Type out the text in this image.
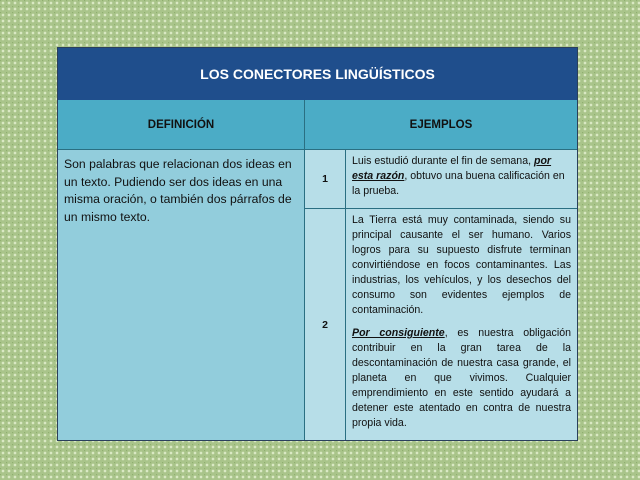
LOS CONECTORES LINGÜÍSTICOS
DEFINICIÓN	EJEMPLOS
Son palabras que relacionan dos ideas en un texto. Pudiendo ser dos ideas en una misma oración, o también dos párrafos de un mismo texto.
1

Luis estudió durante el fin de semana, por esta razón, obtuvo una buena calificación en la prueba.

2

La Tierra está muy contaminada, siendo su principal causante el ser humano. Varios logros para su supuesto disfrute terminan convirtiéndose en focos contaminantes. Las industrias, los vehículos, y los desechos del consumo son evidentes ejemplos de contaminación.

Por consiguiente, es nuestra obligación contribuir en la gran tarea de la descontaminación de nuestra casa grande, el planeta en que vivimos. Cualquier emprendimiento en este sentido ayudará a detener este atentado en contra de nuestra propia vida.
